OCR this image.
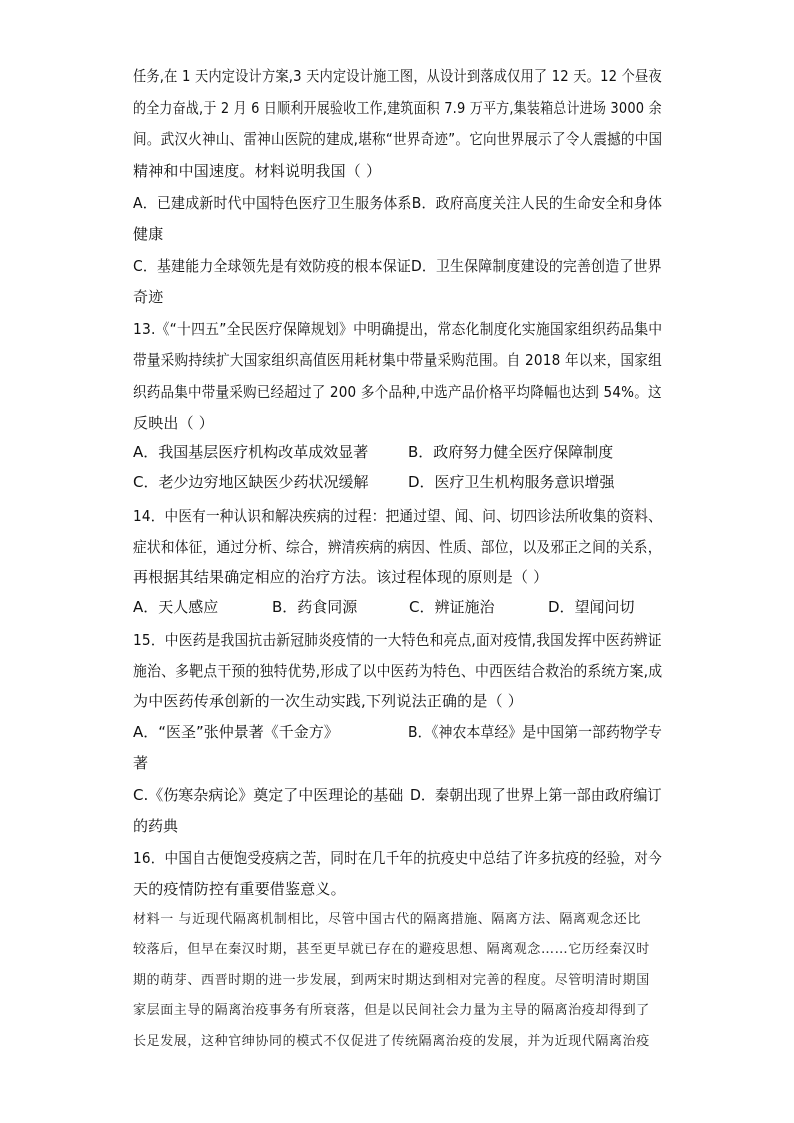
任务,在 1 天内定设计方案,3 天内定设计施工图，从设计到落成仅用了 12 天。12 个昼夜
的全力奋战,于 2 月 6 日顺利开展验收工作,建筑面积 7.9 万平方,集装箱总计进场 3000 余
间。武汉火神山、雷神山医院的建成,堪称“世界奇迹”。它向世界展示了令人震撼的中国
精神和中国速度。材料说明我国（ ）
A．已建成新时代中国特色医疗卫生服务体系B．政府高度关注人民的生命安全和身体
健康
C．基建能力全球领先是有效防疫的根本保证D．卫生保障制度建设的完善创造了世界
奇迹
13.《“十四五”全民医疗保障规划》中明确提出，常态化制度化实施国家组织药品集中
带量采购持续扩大国家组织高值医用耗材集中带量采购范围。自 2018 年以来，国家组
织药品集中带量采购已经超过了 200 多个品种,中选产品价格平均降幅也达到 54%。这
反映出（ ）
A．我国基层医疗机构改革成效显著	B．政府努力健全医疗保障制度
C．老少边穷地区缺医少药状况缓解	D．医疗卫生机构服务意识增强
14．中医有一种认识和解决疾病的过程：把通过望、闻、问、切四诊法所收集的资料、
症状和体征，通过分析、综合，辨清疾病的病因、性质、部位，以及邪正之间的关系，
再根据其结果确定相应的治疗方法。该过程体现的原则是（ ）
A．天人感应	B．药食同源	C．辨证施治	D．望闻问切
15．中医药是我国抗击新冠肺炎疫情的一大特色和亮点,面对疫情,我国发挥中医药辨证
施治、多靶点干预的独特优势,形成了以中医药为特色、中西医结合救治的系统方案,成
为中医药传承创新的一次生动实践,下列说法正确的是（ ）
A．“医圣”张仲景著《千金方》	B．《神农本草经》是中国第一部药物学专
著
C.《伤寒杂病论》奠定了中医理论的基础 D．秦朝出现了世界上第一部由政府编订
的药典
16．中国自古便饱受疫病之苦，同时在几千年的抗疫史中总结了许多抗疫的经验，对今
天的疫情防控有重要借鉴意义。
材料一 与近现代隔离机制相比，尽管中国古代的隔离措施、隔离方法、隔离观念还比
较落后，但早在秦汉时期，甚至更早就已存在的避疫思想、隔离观念……它历经秦汉时
期的萌芽、西晋时期的进一步发展，到两宋时期达到相对完善的程度。尽管明清时期国
家层面主导的隔离治疫事务有所衰落，但是以民间社会力量为主导的隔离治疫却得到了
长足发展，这种官绅协同的模式不仅促进了传统隔离治疫的发展，并为近现代隔离治疫
